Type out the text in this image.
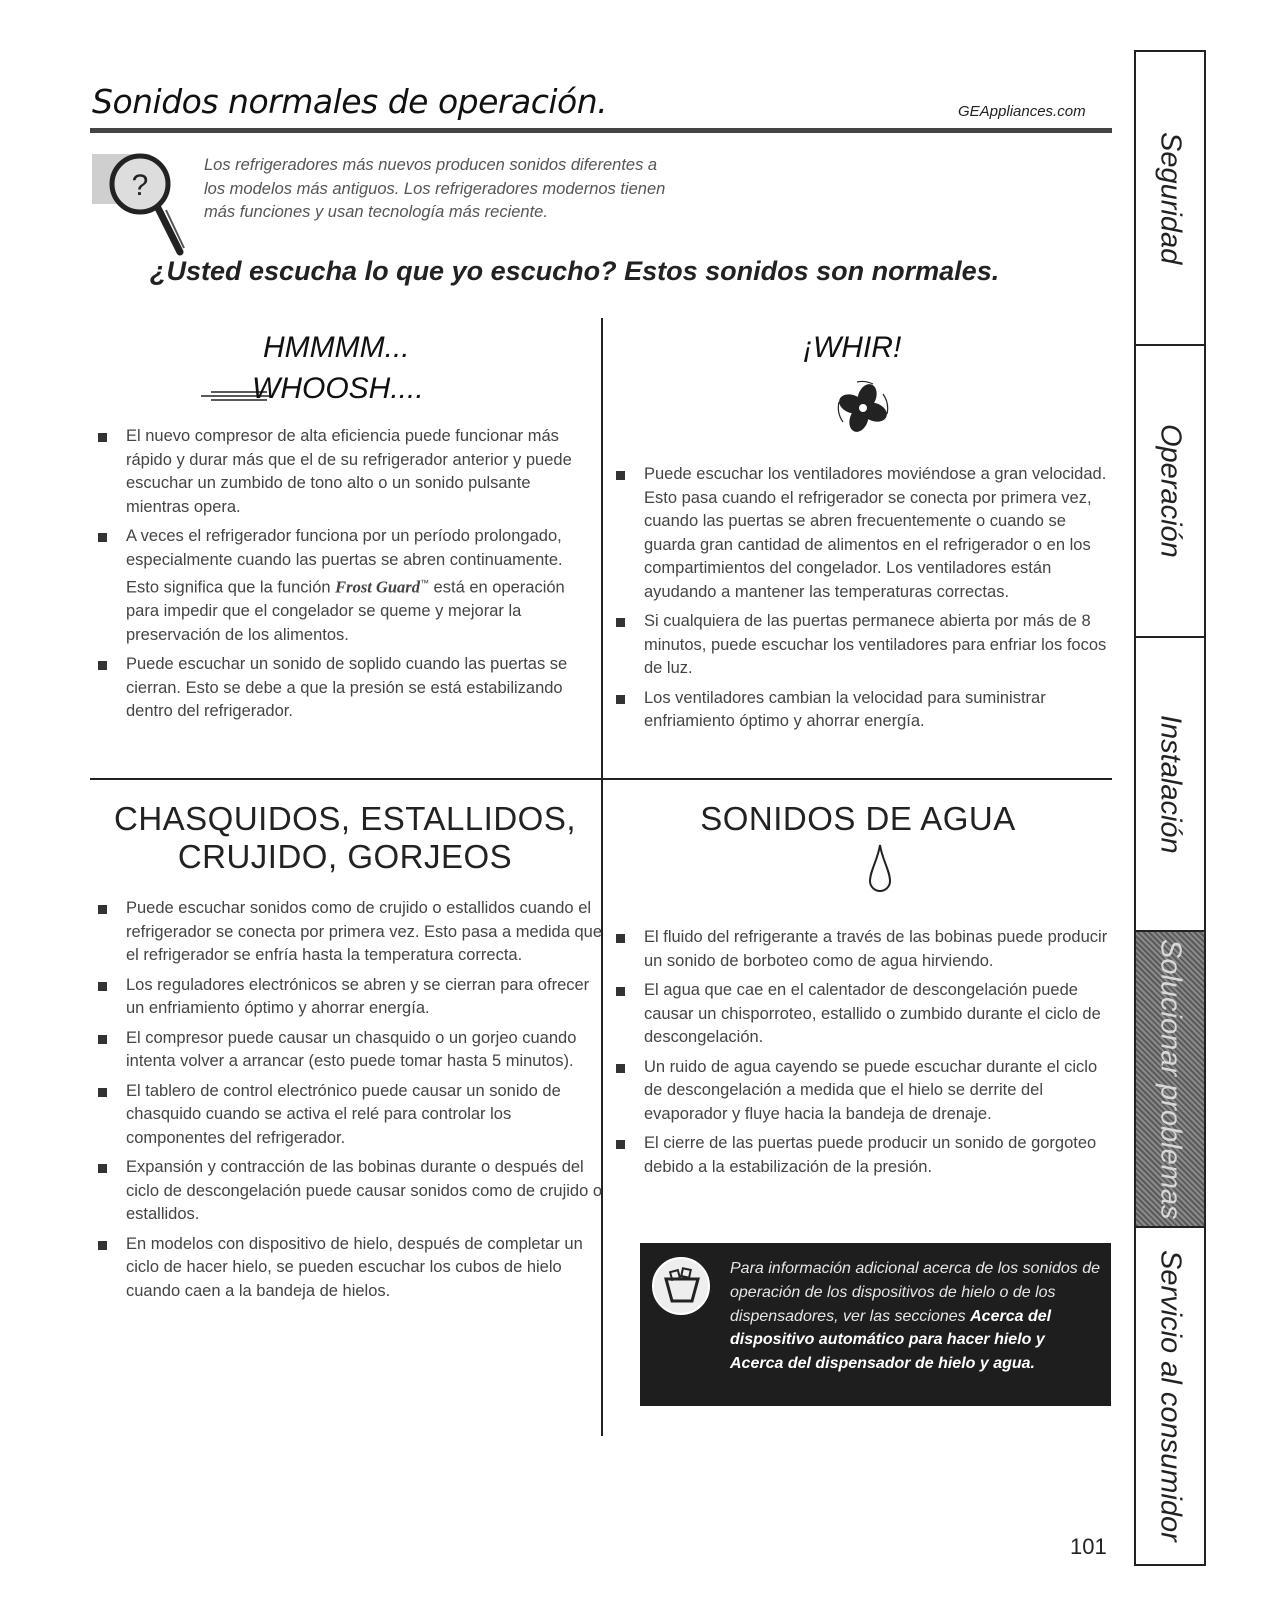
Sonidos normales de operación.	GEAppliances.com
?
Los refrigeradores más nuevos producen sonidos diferentes a
los modelos más antiguos. Los refrigeradores modernos tienen
más funciones y usan tecnología más reciente.
¿Usted escucha lo que yo escucho? Estos sonidos son normales.
HMMMM...
WHOOSH....
El nuevo compresor de alta eficiencia puede funcionar más rápido y durar más que el de su refrigerador anterior y puede escuchar un zumbido de tono alto o un sonido pulsante mientras opera.
A veces el refrigerador funciona por un período prolongado, especialmente cuando las puertas se abren continuamente. Esto significa que la función Frost Guard™ está en operación para impedir que el congelador se queme y mejorar la preservación de los alimentos.
Puede escuchar un sonido de soplido cuando las puertas se cierran. Esto se debe a que la presión se está estabilizando dentro del refrigerador.
¡WHIR!
Puede escuchar los ventiladores moviéndose a gran velocidad. Esto pasa cuando el refrigerador se conecta por primera vez, cuando las puertas se abren frecuentemente o cuando se guarda gran cantidad de alimentos en el refrigerador o en los compartimientos del congelador. Los ventiladores están ayudando a mantener las temperaturas correctas.
Si cualquiera de las puertas permanece abierta por más de 8 minutos, puede escuchar los ventiladores para enfriar los focos de luz.
Los ventiladores cambian la velocidad para suministrar enfriamiento óptimo y ahorrar energía.
CHASQUIDOS, ESTALLIDOS,
CRUJIDO, GORJEOS
Puede escuchar sonidos como de crujido o estallidos cuando el refrigerador se conecta por primera vez. Esto pasa a medida que el refrigerador se enfría hasta la temperatura correcta.
Los reguladores electrónicos se abren y se cierran para ofrecer un enfriamiento óptimo y ahorrar energía.
El compresor puede causar un chasquido o un gorjeo cuando intenta volver a arrancar (esto puede tomar hasta 5 minutos).
El tablero de control electrónico puede causar un sonido de chasquido cuando se activa el relé para controlar los componentes del refrigerador.
Expansión y contracción de las bobinas durante o después del ciclo de descongelación puede causar sonidos como de crujido o estallidos.
En modelos con dispositivo de hielo, después de completar un ciclo de hacer hielo, se pueden escuchar los cubos de hielo cuando caen a la bandeja de hielos.
SONIDOS DE AGUA
El fluido del refrigerante a través de las bobinas puede producir un sonido de borboteo como de agua hirviendo.
El agua que cae en el calentador de descongelación puede causar un chisporroteo, estallido o zumbido durante el ciclo de descongelación.
Un ruido de agua cayendo se puede escuchar durante el ciclo de descongelación a medida que el hielo se derrite del evaporador y fluye hacia la bandeja de drenaje.
El cierre de las puertas puede producir un sonido de gorgoteo debido a la estabilización de la presión.
Para información adicional acerca de los sonidos de operación de los dispositivos de hielo o de los dispensadores, ver las secciones Acerca del dispositivo automático para hacer hielo y Acerca del dispensador de hielo y agua.
101
Seguridad
Operación
Instalación
Solucionar problemas
Servicio al consumidor
